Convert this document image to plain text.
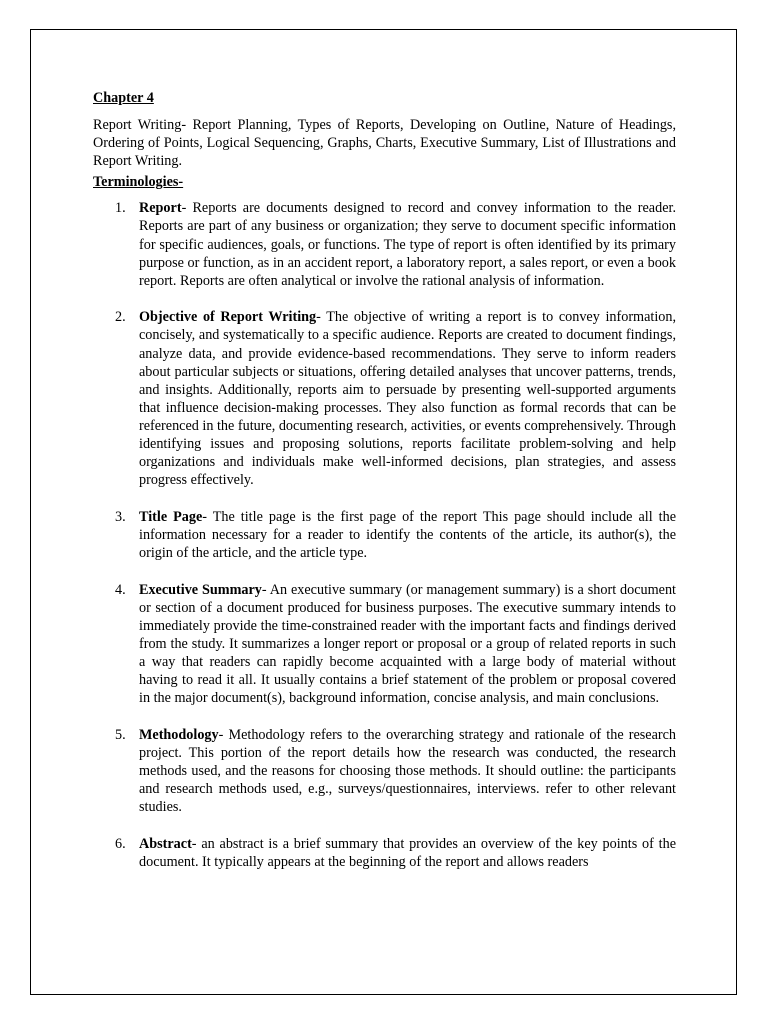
Chapter 4

Report Writing- Report Planning, Types of Reports, Developing on Outline, Nature of Headings, Ordering of Points, Logical Sequencing, Graphs, Charts, Executive Summary, List of Illustrations and Report Writing.

Terminologies-

1. Report- Reports are documents designed to record and convey information to the reader. Reports are part of any business or organization; they serve to document specific information for specific audiences, goals, or functions. The type of report is often identified by its primary purpose or function, as in an accident report, a laboratory report, a sales report, or even a book report. Reports are often analytical or involve the rational analysis of information.
2. Objective of Report Writing- The objective of writing a report is to convey information, concisely, and systematically to a specific audience. Reports are created to document findings, analyze data, and provide evidence-based recommendations. They serve to inform readers about particular subjects or situations, offering detailed analyses that uncover patterns, trends, and insights. Additionally, reports aim to persuade by presenting well-supported arguments that influence decision-making processes. They also function as formal records that can be referenced in the future, documenting research, activities, or events comprehensively. Through identifying issues and proposing solutions, reports facilitate problem-solving and help organizations and individuals make well-informed decisions, plan strategies, and assess progress effectively.
3. Title Page- The title page is the first page of the report This page should include all the information necessary for a reader to identify the contents of the article, its author(s), the origin of the article, and the article type.
4. Executive Summary- An executive summary (or management summary) is a short document or section of a document produced for business purposes. The executive summary intends to immediately provide the time-constrained reader with the important facts and findings derived from the study. It summarizes a longer report or proposal or a group of related reports in such a way that readers can rapidly become acquainted with a large body of material without having to read it all. It usually contains a brief statement of the problem or proposal covered in the major document(s), background information, concise analysis, and main conclusions.
5. Methodology- Methodology refers to the overarching strategy and rationale of the research project. This portion of the report details how the research was conducted, the research methods used, and the reasons for choosing those methods. It should outline: the participants and research methods used, e.g., surveys/questionnaires, interviews. refer to other relevant studies.
6. Abstract- an abstract is a brief summary that provides an overview of the key points of the document. It typically appears at the beginning of the report and allows readers
